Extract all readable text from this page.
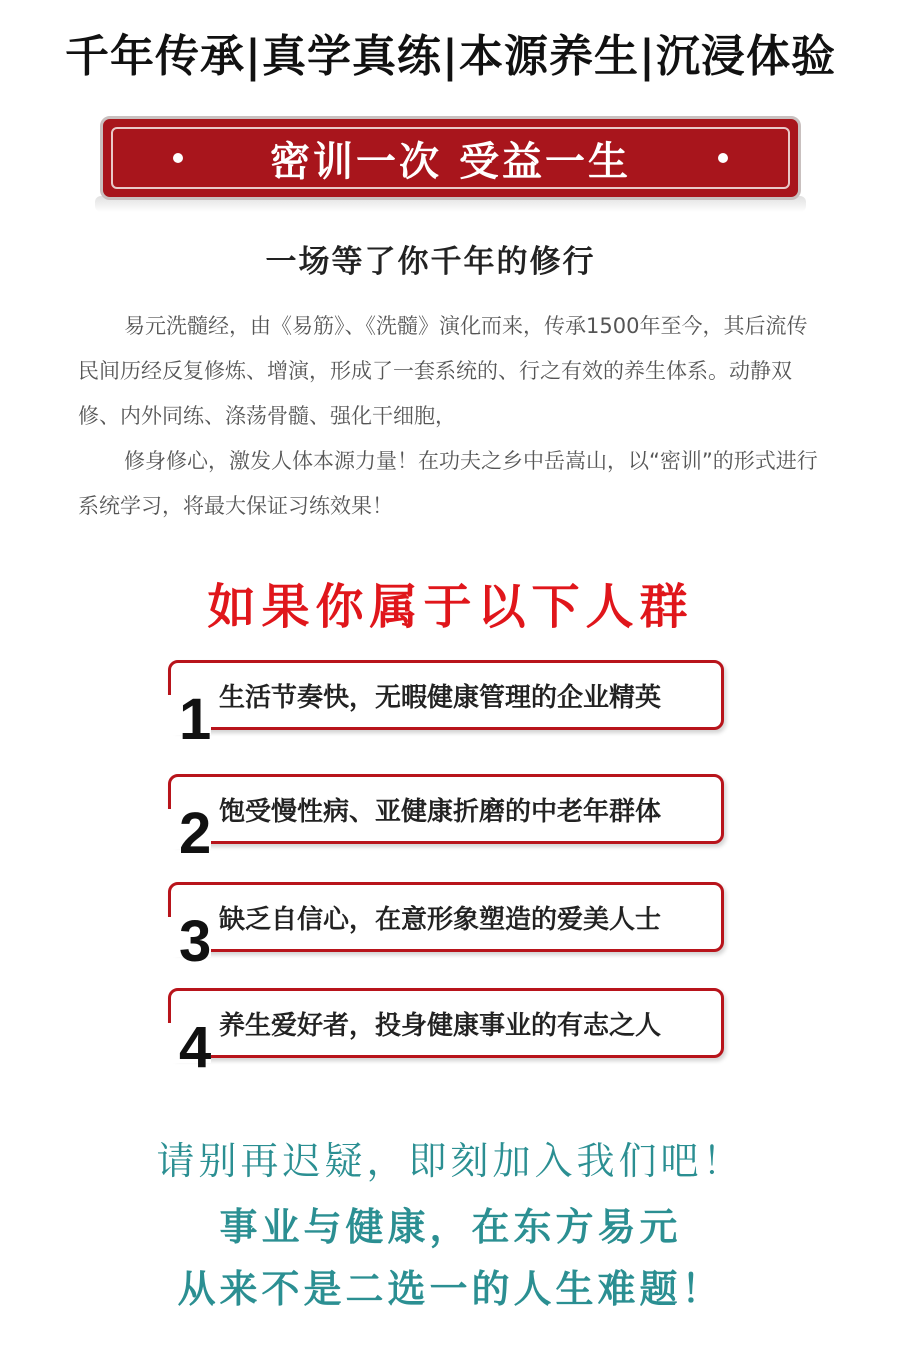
千年传承|真学真练|本源养生|沉浸体验
密训一次 受益一生
一场等了你千年的修行

易元洗髓经，由《易筋》、《洗髓》演化而来，传承1500年至今，其后流传民间历经反复修炼、增演，形成了一套系统的、行之有效的养生体系。动静双修、内外同练、涤荡骨髓、强化干细胞，

修身修心，激发人体本源力量！在功夫之乡中岳嵩山，以“密训”的形式进行系统学习，将最大保证习练效果！

如果你属于以下人群
1 生活节奏快，无暇健康管理的企业精英
2 饱受慢性病、亚健康折磨的中老年群体
3 缺乏自信心，在意形象塑造的爱美人士
4 养生爱好者，投身健康事业的有志之人
请别再迟疑，即刻加入我们吧！
事业与健康，在东方易元
从来不是二选一的人生难题！
